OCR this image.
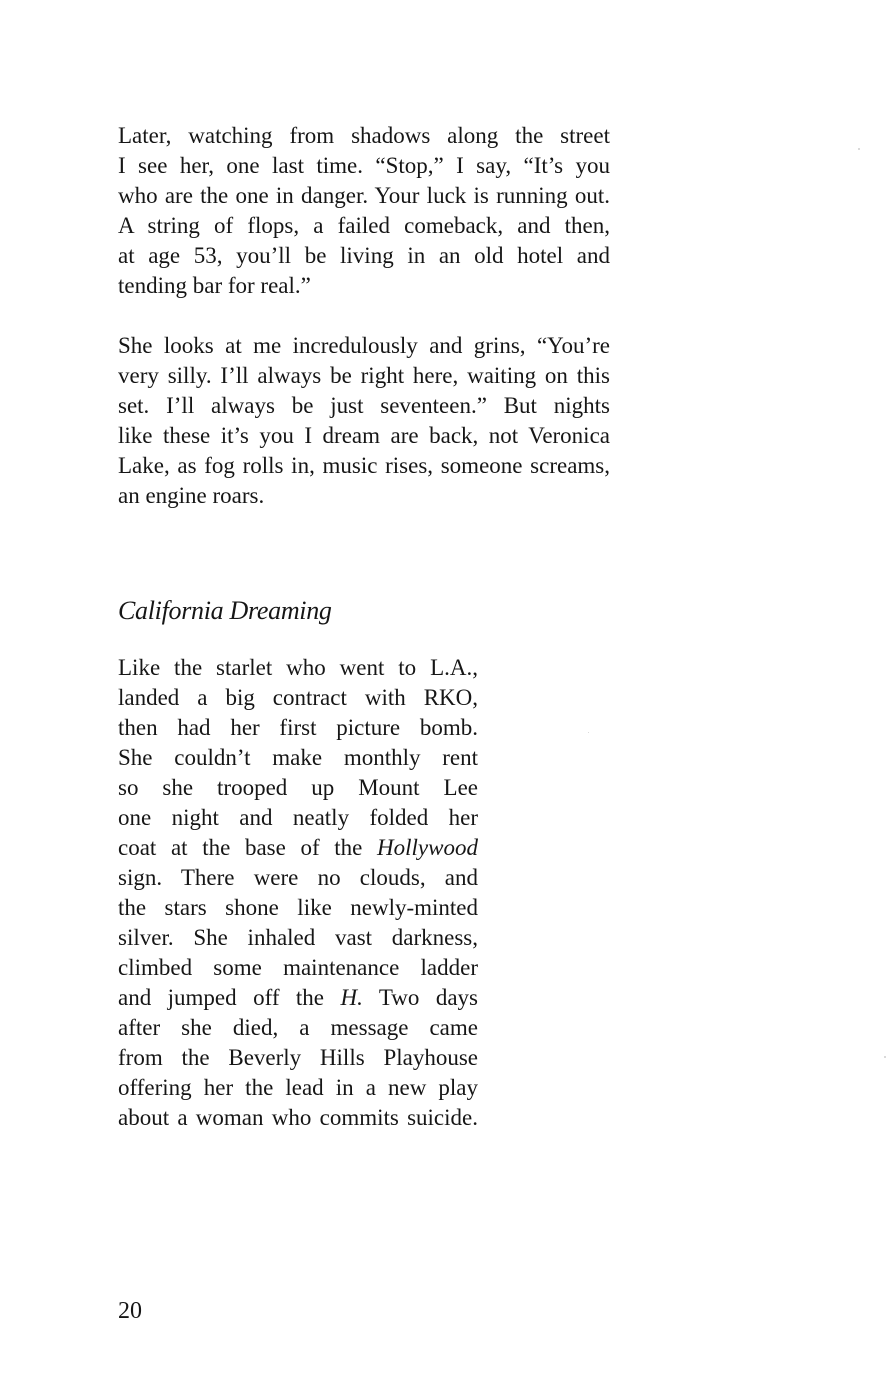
Later, watching from shadows along the street
I see her, one last time. “Stop,” I say, “It’s you
who are the one in danger. Your luck is running out.
A string of flops, a failed comeback, and then,
at age 53, you’ll be living in an old hotel and
tending bar for real.”
She looks at me incredulously and grins, “You’re
very silly. I’ll always be right here, waiting on this
set. I’ll always be just seventeen.” But nights
like these it’s you I dream are back, not Veronica
Lake, as fog rolls in, music rises, someone screams,
an engine roars.
California Dreaming
Like the starlet who went to L.A.,
landed a big contract with RKO,
then had her first picture bomb.
She couldn’t make monthly rent
so she trooped up Mount Lee
one night and neatly folded her
coat at the base of the Hollywood
sign. There were no clouds, and
the stars shone like newly-minted
silver. She inhaled vast darkness,
climbed some maintenance ladder
and jumped off the H. Two days
after she died, a message came
from the Beverly Hills Playhouse
offering her the lead in a new play
about a woman who commits suicide.
20
